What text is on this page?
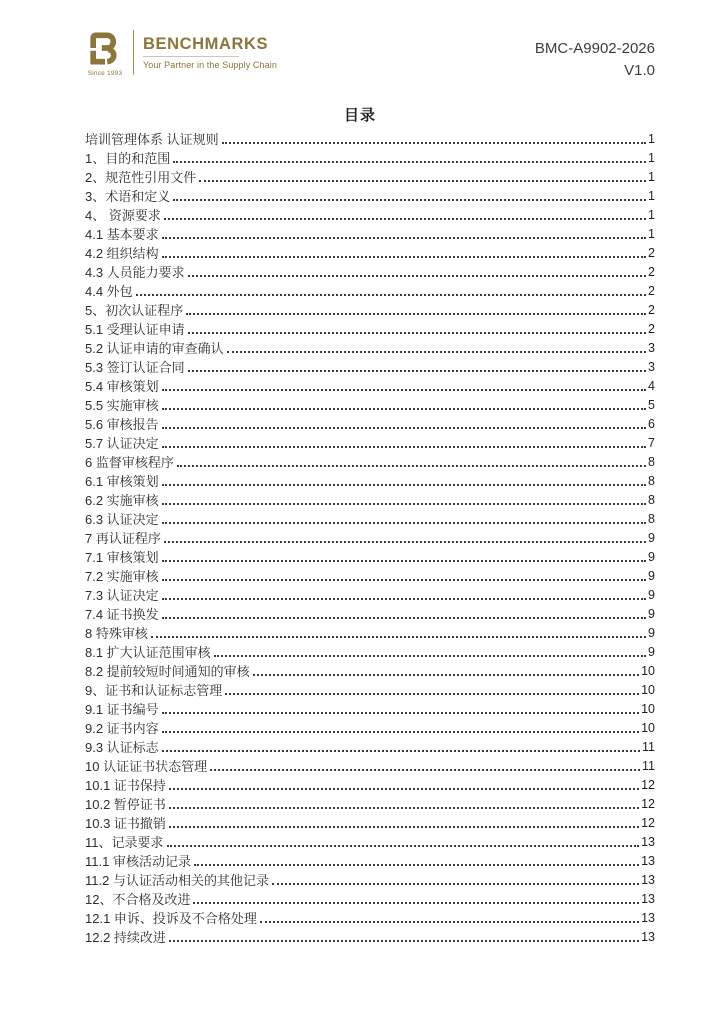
Since 1993
BENCHMARKS
Your Partner in the Supply Chain
BMC-A9902-2026
V1.0
目录
培训管理体系 认证规则	1
1、目的和范围	1
2、规范性引用文件	1
3、术语和定义	1
4、 资源要求	1
4.1 基本要求	1
4.2 组织结构	2
4.3 人员能力要求	2
4.4 外包	2
5、初次认证程序	2
5.1 受理认证申请	2
5.2 认证申请的审查确认	3
5.3 签订认证合同	3
5.4 审核策划	4
5.5 实施审核	5
5.6 审核报告	6
5.7 认证决定	7
6 监督审核程序	8
6.1 审核策划	8
6.2 实施审核	8
6.3 认证决定	8
7 再认证程序	9
7.1 审核策划	9
7.2 实施审核	9
7.3 认证决定	9
7.4 证书换发	9
8 特殊审核	9
8.1 扩大认证范围审核	9
8.2 提前较短时间通知的审核	10
9、证书和认证标志管理	10
9.1 证书编号	10
9.2 证书内容	10
9.3 认证标志	11
10 认证证书状态管理	11
10.1 证书保持	12
10.2 暂停证书	12
10.3 证书撤销	12
11、记录要求	13
11.1 审核活动记录	13
11.2 与认证活动相关的其他记录	13
12、不合格及改进	13
12.1 申诉、投诉及不合格处理	13
12.2 持续改进	13
